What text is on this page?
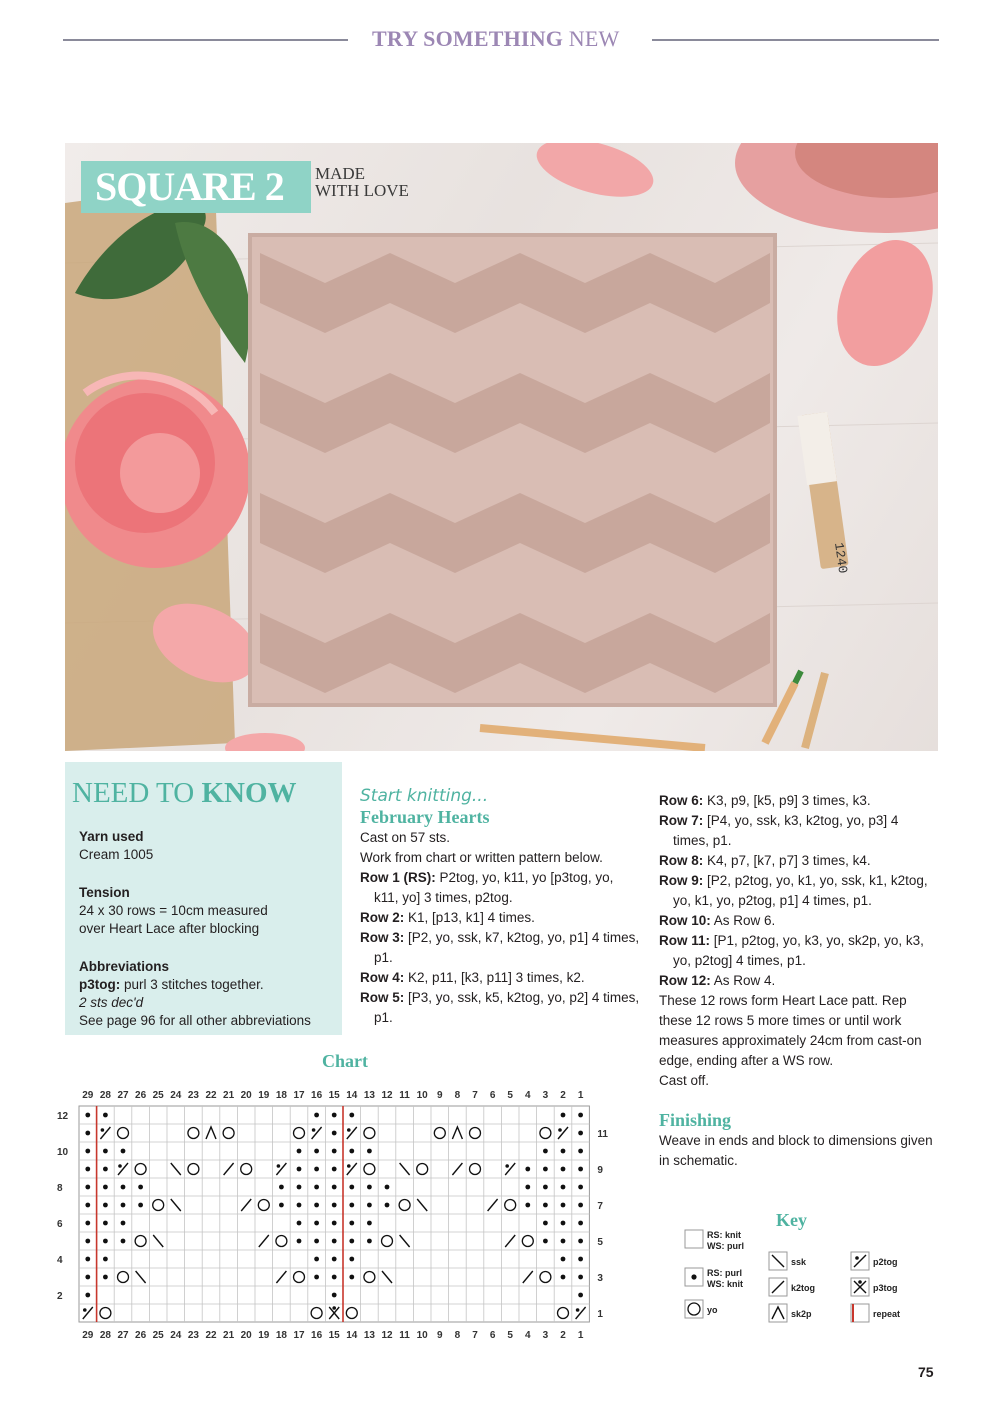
TRY SOMETHING NEW
1240
SQUARE 2	MADE
WITH LOVE
NEED TO KNOW

Yarn used

Cream 1005

Tension

24 x 30 rows = 10cm measured

over Heart Lace after blocking

Abbreviations

p3tog: purl 3 stitches together.

2 sts dec'd

See page 96 for all other abbreviations

Start knitting...
February Hearts
Cast on 57 sts.
Work from chart or written pattern below.
Row 1 (RS): P2tog, yo, k11, yo [p3tog, yo, k11, yo] 3 times, p2tog.
Row 2: K1, [p13, k1] 4 times.
Row 3: [P2, yo, ssk, k7, k2tog, yo, p1] 4 times, p1.
Row 4: K2, p11, [k3, p11] 3 times, k2.
Row 5: [P3, yo, ssk, k5, k2tog, yo, p2] 4 times, p1.
Row 6: K3, p9, [k5, p9] 3 times, k3.
Row 7: [P4, yo, ssk, k3, k2tog, yo, p3] 4 times, p1.
Row 8: K4, p7, [k7, p7] 3 times, k4.
Row 9: [P2, p2tog, yo, k1, yo, ssk, k1, k2tog, yo, k1, yo, p2tog, p1] 4 times, p1.
Row 10: As Row 6.
Row 11: [P1, p2tog, yo, k3, yo, sk2p, yo, k3, yo, p2tog] 4 times, p1.
Row 12: As Row 4.
These 12 rows form Heart Lace patt. Rep these 12 rows 5 more times or until work measures approximately 24cm from cast-on edge, ending after a WS row.
Cast off.
Finishing
Weave in ends and block to dimensions given in schematic.
Chart
29
29
28
28
27
27
26
26
25
25
24
24
23
23
22
22
21
21
20
20
19
19
18
18
17
17
16
16
15
15
14
14
13
13
12
12
11
11
10
10
9
9
8
8
7
7
6
6
5
5
4
4
3
3
2
2
1
1
12
10
8
6
4
2
11
9
7
5
3
1
Key
RS: knit
WS: purl
RS: purl
WS: knit
yo
ssk
k2tog
sk2p
p2tog
p3tog
repeat
75
